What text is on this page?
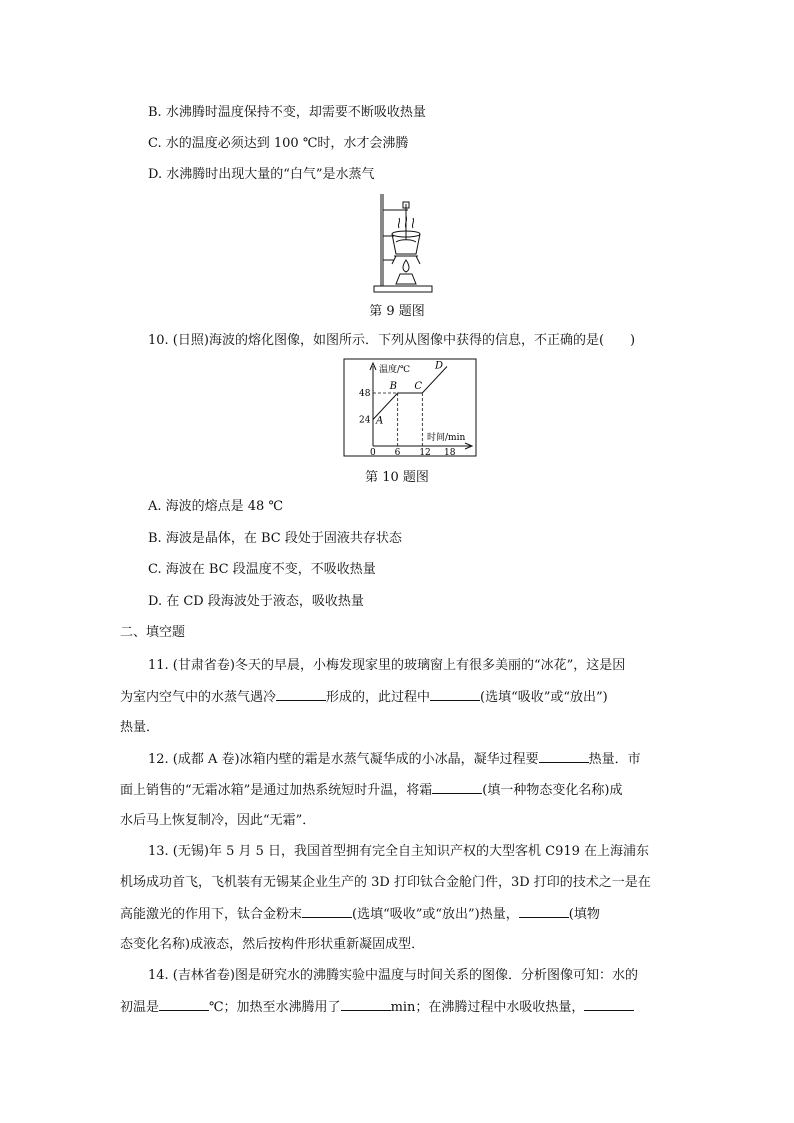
B. 水沸腾时温度保持不变，却需要不断吸收热量
C. 水的温度必须达到 100 ℃时，水才会沸腾
D. 水沸腾时出现大量的“白气”是水蒸气
第 9 题图
10. (日照)海波的熔化图像，如图所示．下列从图像中获得的信息，不正确的是(　　)
0 6 12 18
24
48
A
B C
D
温度/℃
时间/min
第 10 题图
A. 海波的熔点是 48 ℃
B. 海波是晶体，在 BC 段处于固液共存状态
C. 海波在 BC 段温度不变，不吸收热量
D. 在 CD 段海波处于液态，吸收热量
二、填空题
11. (甘肃省卷)冬天的早晨，小梅发现家里的玻璃窗上有很多美丽的“冰花”，这是因
为室内空气中的水蒸气遇冷	形成的，此过程中	(选填“吸收”或“放出”)
热量．
12. (成都 A 卷)冰箱内壁的霜是水蒸气凝华成的小冰晶，凝华过程要	热量．市
面上销售的“无霜冰箱”是通过加热系统短时升温，将霜	(填一种物态变化名称)成
水后马上恢复制冷，因此“无霜”．
13. (无锡)年 5 月 5 日，我国首型拥有完全自主知识产权的大型客机 C919 在上海浦东
机场成功首飞，飞机装有无锡某企业生产的 3D 打印钛合金舱门件，3D 打印的技术之一是在
高能激光的作用下，钛合金粉末	(选填“吸收”或“放出”)热量，	(填物
态变化名称)成液态，然后按构件形状重新凝固成型．
14. (吉林省卷)图是研究水的沸腾实验中温度与时间关系的图像．分析图像可知：水的
初温是	℃；加热至水沸腾用了	min；在沸腾过程中水吸收热量，
